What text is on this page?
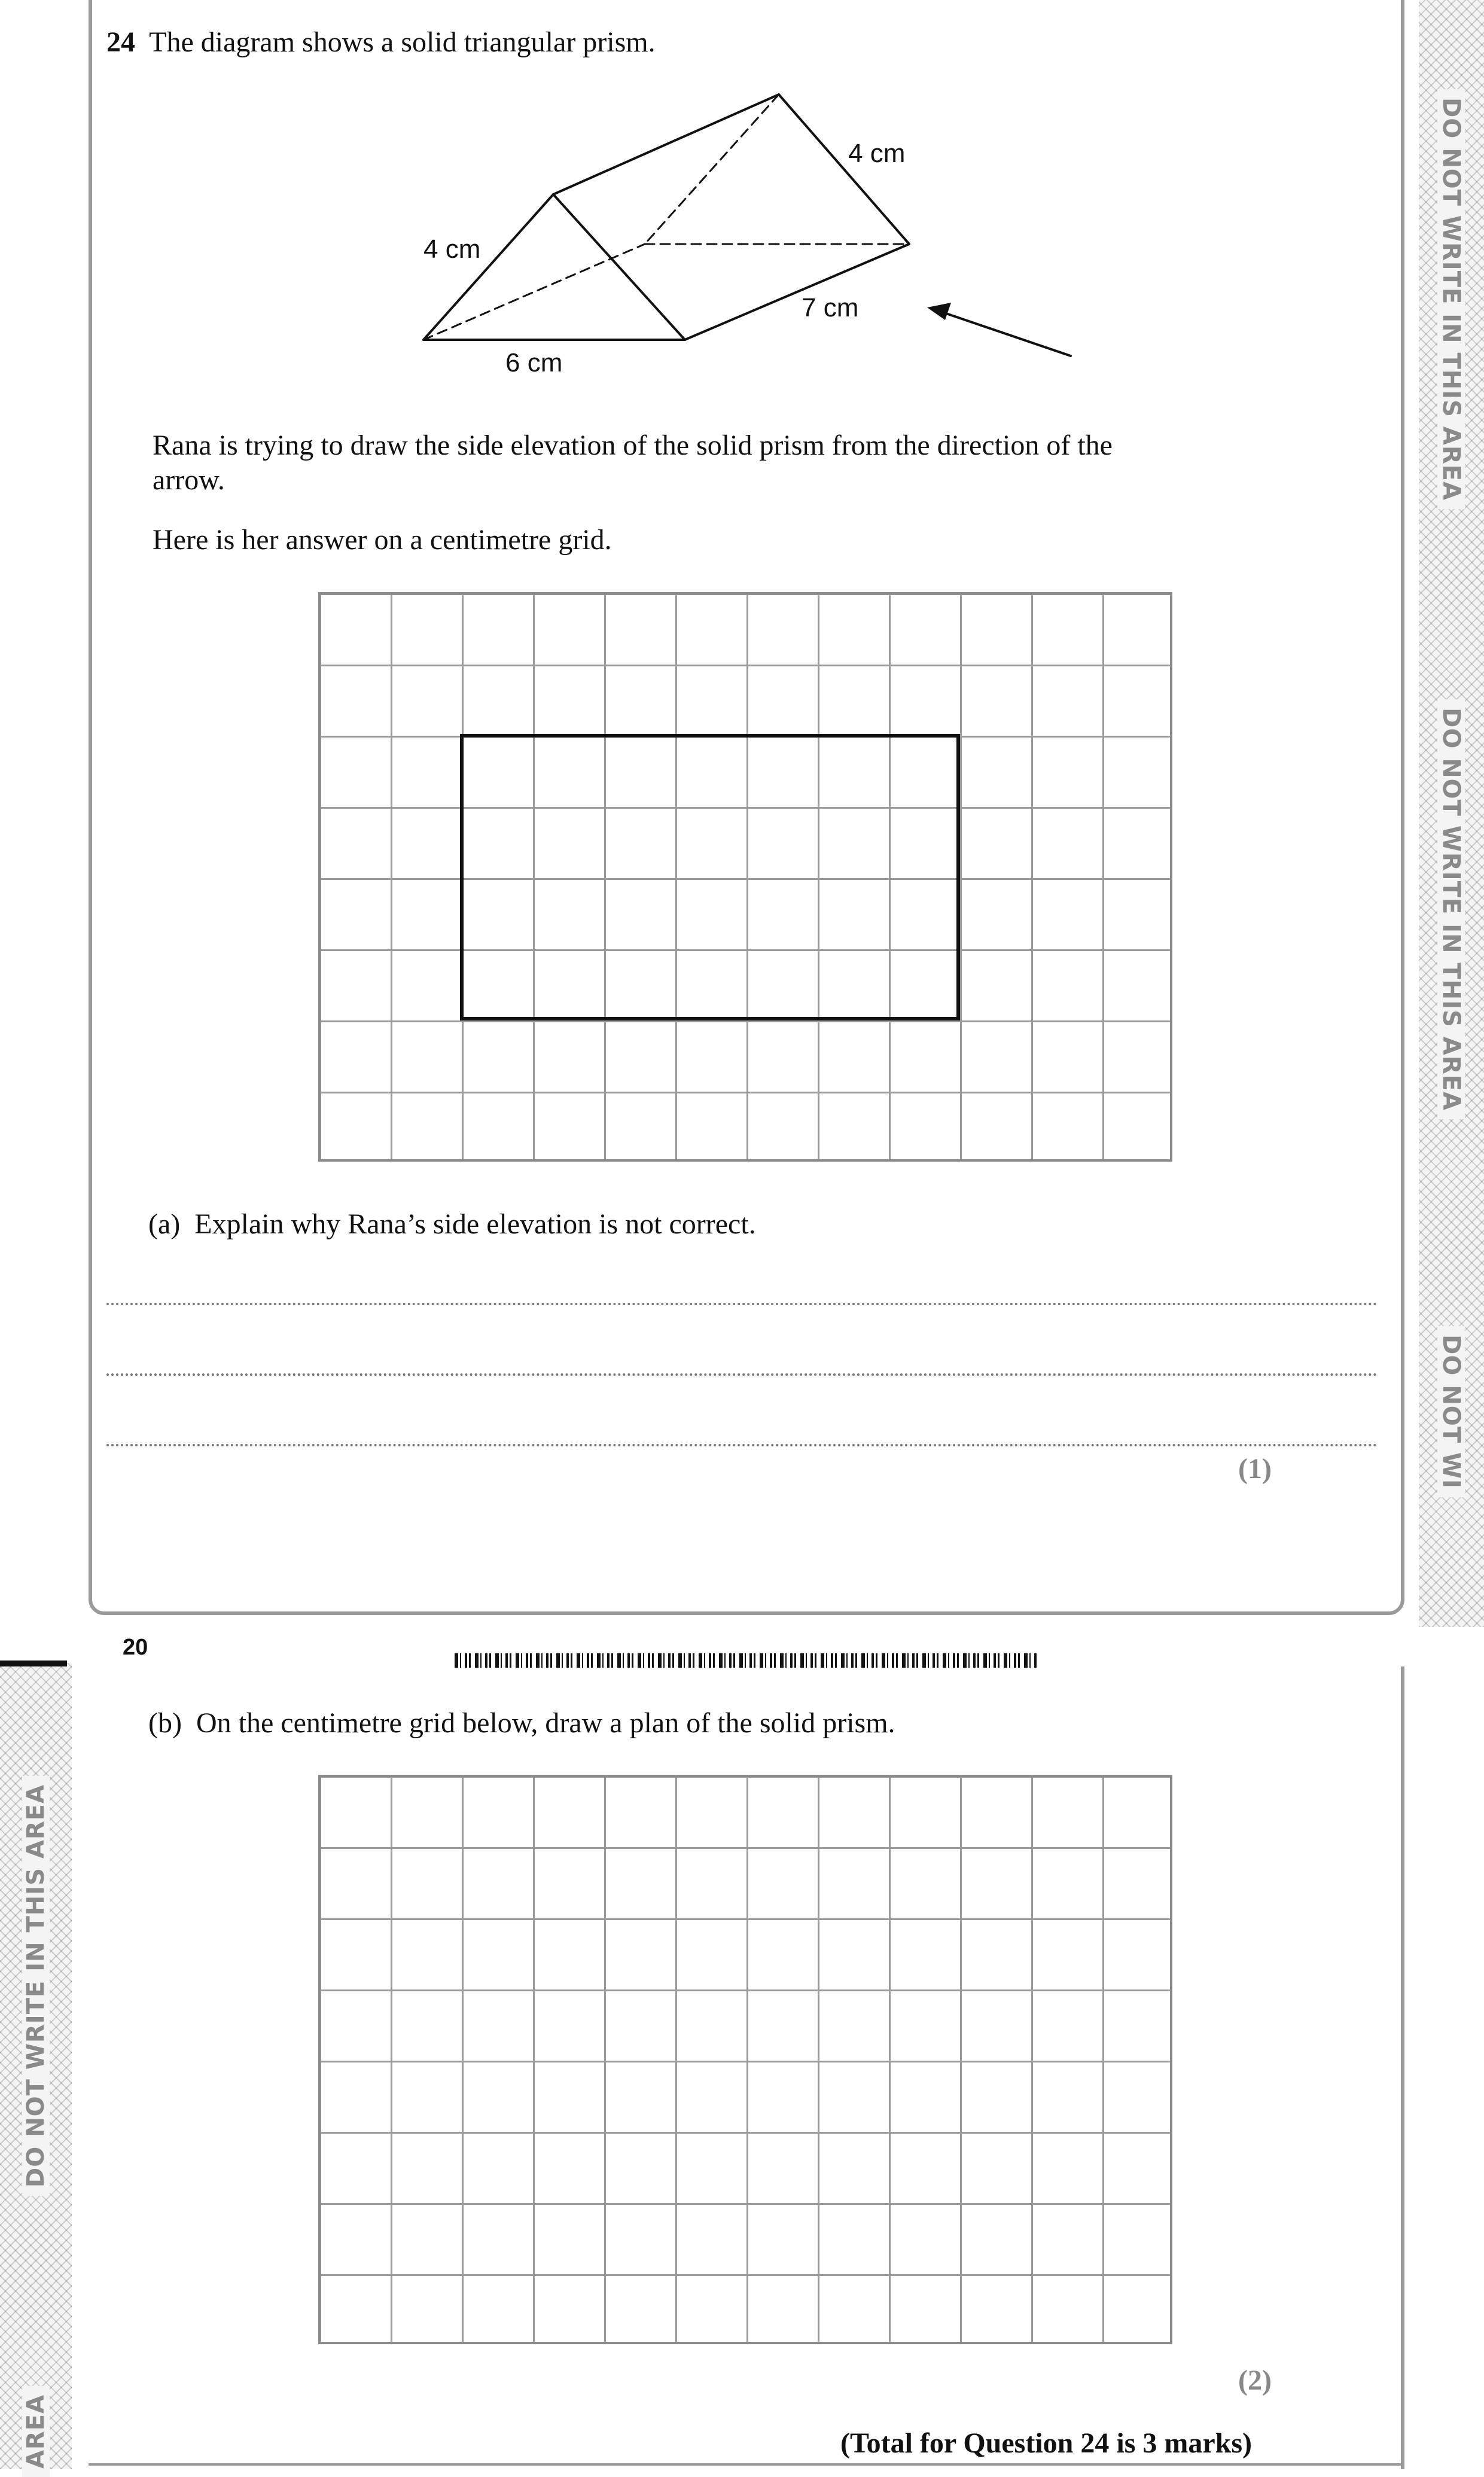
DO NOT WRITE IN THIS AREA
DO NOT WRITE IN THIS AREA
DO NOT WI
24 The diagram shows a solid triangular prism.
4 cm
4 cm
7 cm
6 cm
Rana is trying to draw the side elevation of the solid prism from the direction of the arrow.
Here is her answer on a centimetre grid.
(a) Explain why Rana’s side elevation is not correct.
(1)
DO NOT WRITE IN THIS AREA
AREA
20
(b) On the centimetre grid below, draw a plan of the solid prism.
(2)
(Total for Question 24 is 3 marks)
